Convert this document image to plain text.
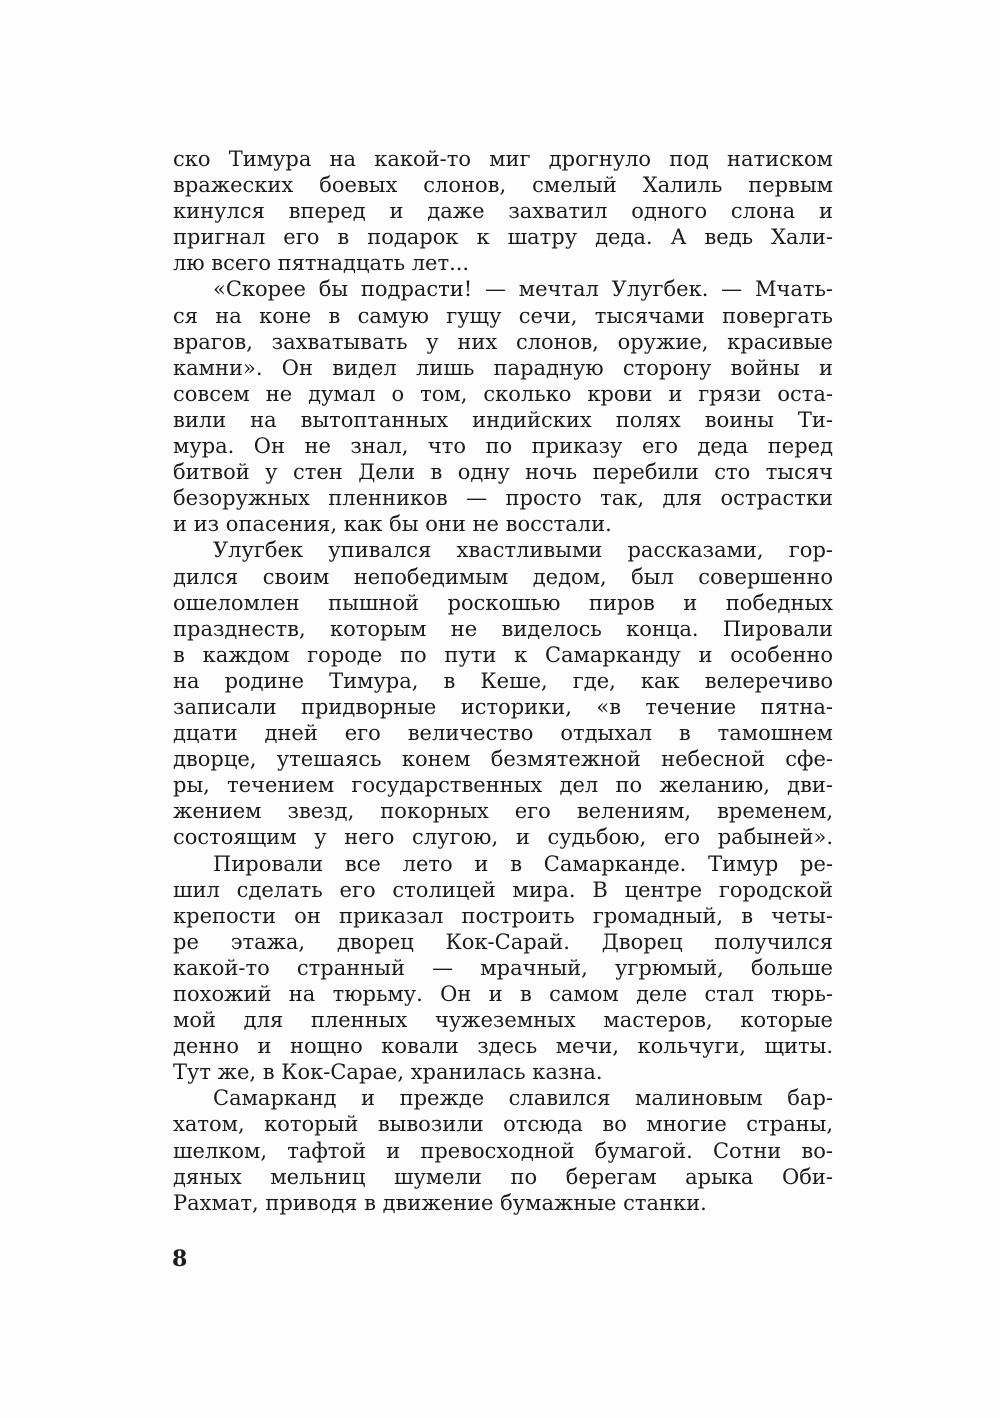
ско Тимура на какой-то миг дрогнуло под натиском
вражеских боевых слонов, смелый Халиль первым
кинулся вперед и даже захватил одного слона и
пригнал его в подарок к шатру деда. А ведь Хали-
лю всего пятнадцать лет...
«Скорее бы подрасти! — мечтал Улугбек. — Мчать-
ся на коне в самую гущу сечи, тысячами повергать
врагов, захватывать у них слонов, оружие, красивые
камни». Он видел лишь парадную сторону войны и
совсем не думал о том, сколько крови и грязи оста-
вили на вытоптанных индийских полях воины Ти-
мура. Он не знал, что по приказу его деда перед
битвой у стен Дели в одну ночь перебили сто тысяч
безоружных пленников — просто так, для острастки
и из опасения, как бы они не восстали.
Улугбек упивался хвастливыми рассказами, гор-
дился своим непобедимым дедом, был совершенно
ошеломлен пышной роскошью пиров и победных
празднеств, которым не виделось конца. Пировали
в каждом городе по пути к Самарканду и особенно
на родине Тимура, в Кеше, где, как велеречиво
записали придворные историки, «в течение пятна-
дцати дней его величество отдыхал в тамошнем
дворце, утешаясь конем безмятежной небесной сфе-
ры, течением государственных дел по желанию, дви-
жением звезд, покорных его велениям, временем,
состоящим у него слугою, и судьбою, его рабыней».
Пировали все лето и в Самарканде. Тимур ре-
шил сделать его столицей мира. В центре городской
крепости он приказал построить громадный, в четы-
ре этажа, дворец Кок-Сарай. Дворец получился
какой-то странный — мрачный, угрюмый, больше
похожий на тюрьму. Он и в самом деле стал тюрь-
мой для пленных чужеземных мастеров, которые
денно и нощно ковали здесь мечи, кольчуги, щиты.
Тут же, в Кок-Сарае, хранилась казна.
Самарканд и прежде славился малиновым бар-
хатом, который вывозили отсюда во многие страны,
шелком, тафтой и превосходной бумагой. Сотни во-
дяных мельниц шумели по берегам арыка Оби-
Рахмат, приводя в движение бумажные станки.
8
